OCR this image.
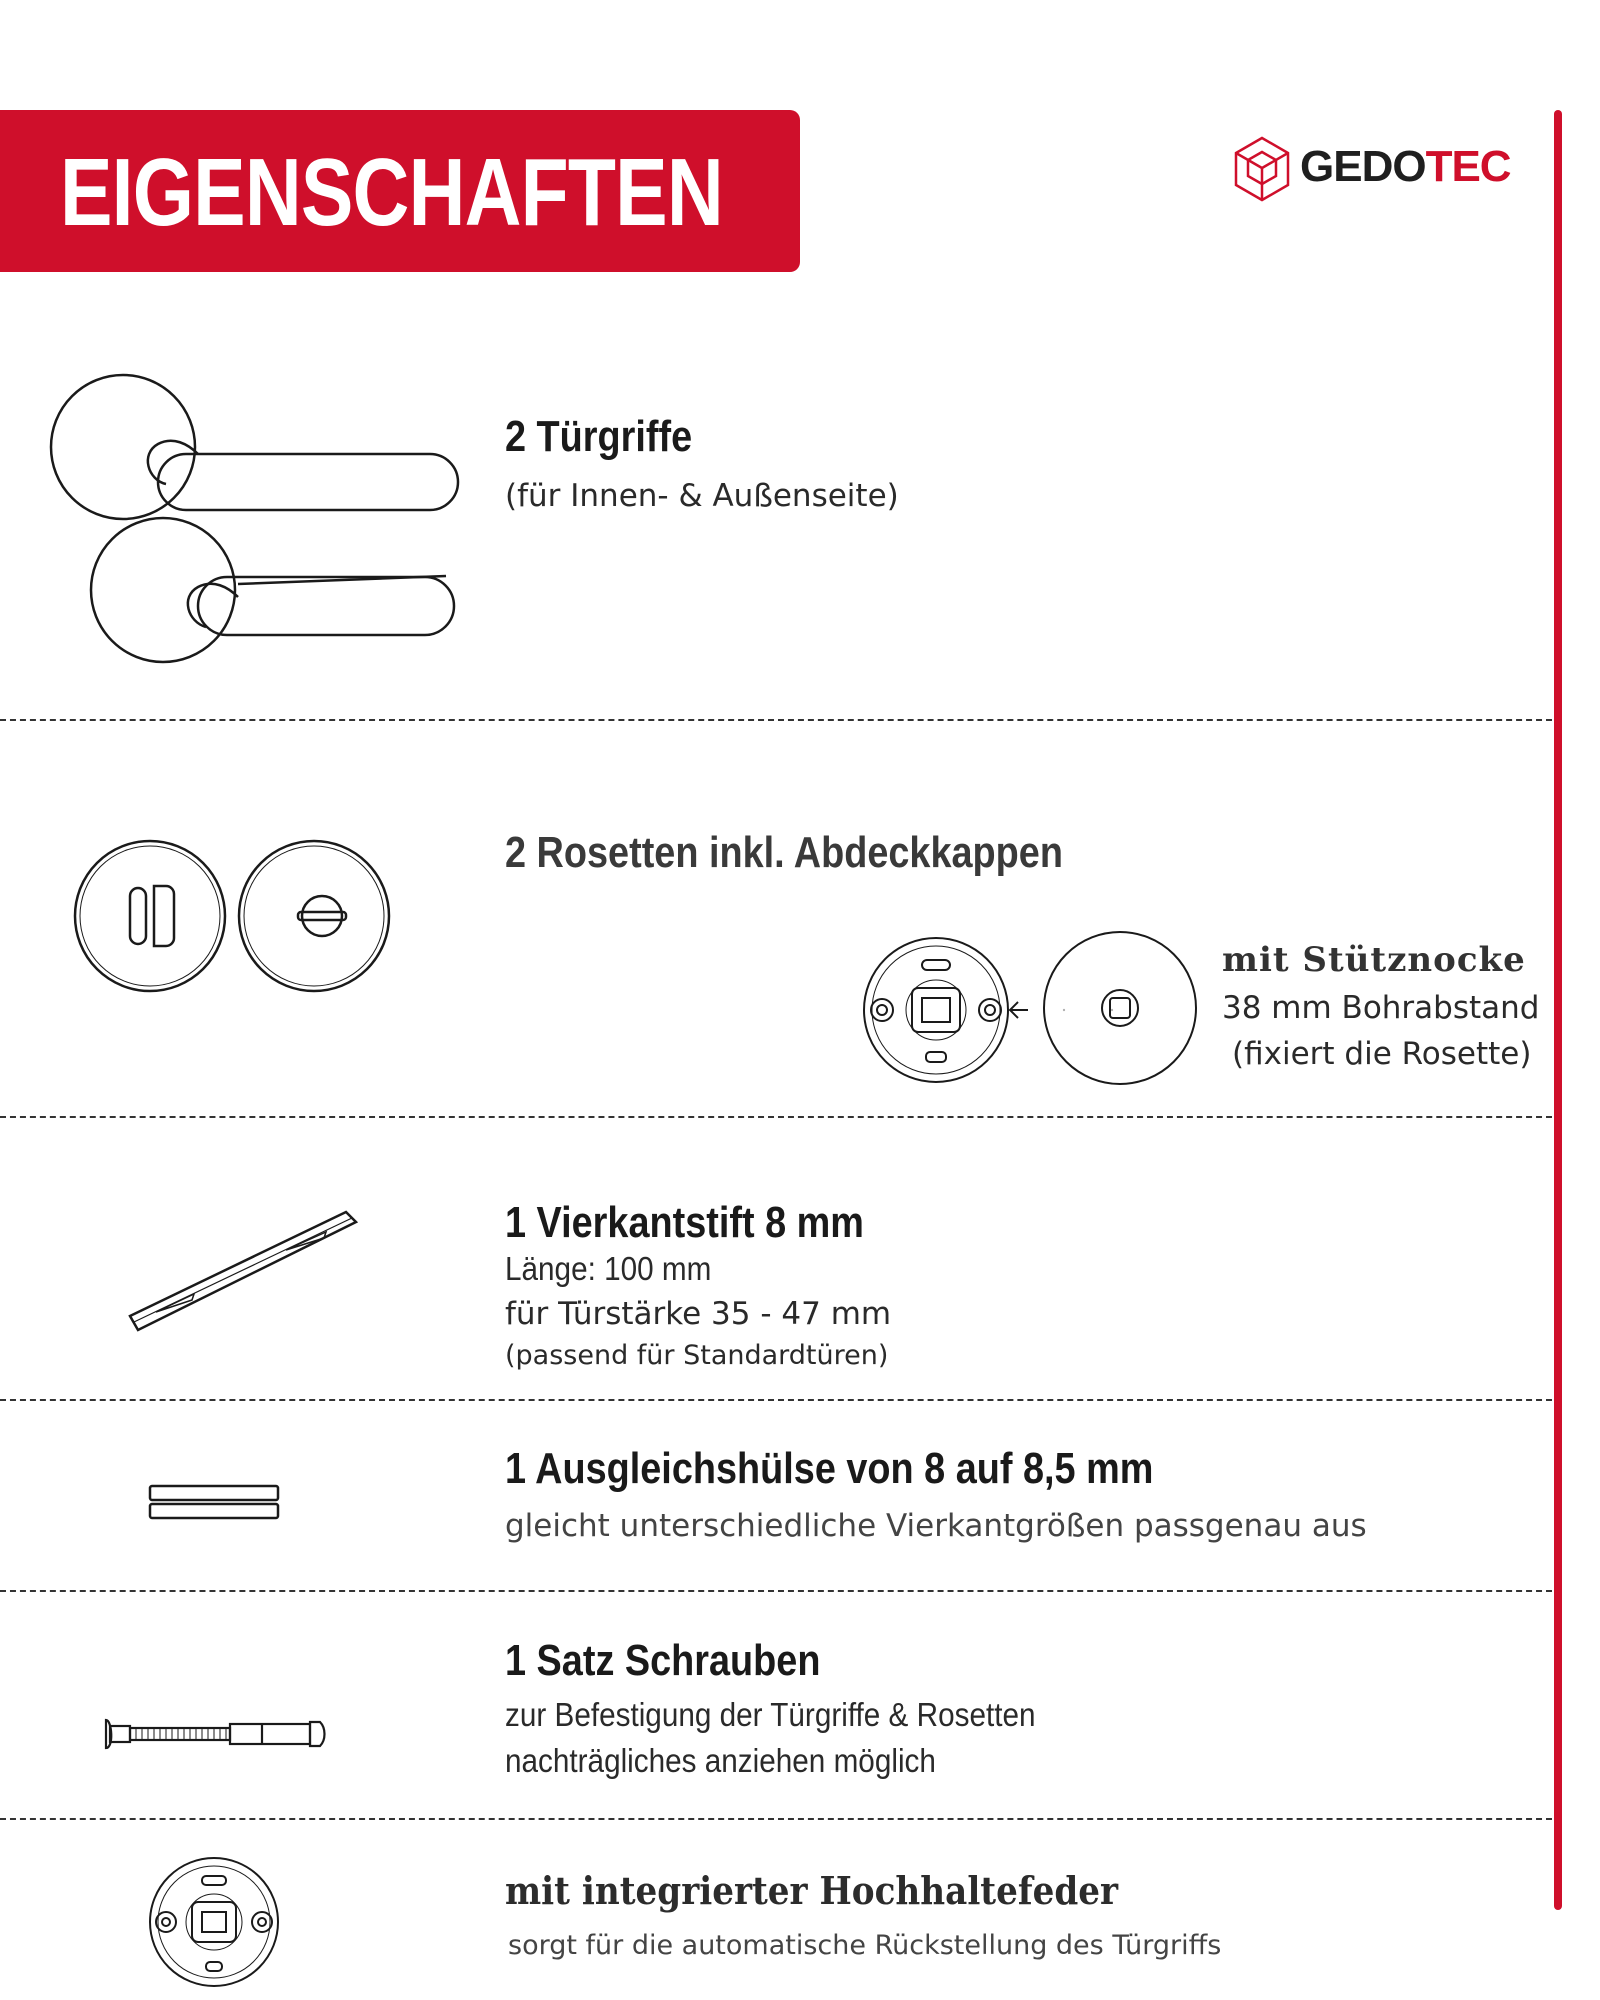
EIGENSCHAFTEN	GEDOTEC
2 Türgriffe
(für Innen- & Außenseite)
2 Rosetten inkl. Abdeckkappen
mit Stütznocke
38 mm Bohrabstand
(fixiert die Rosette)
1 Vierkantstift 8 mm
Länge: 100 mm
für Türstärke 35 - 47 mm
(passend für Standardtüren)
1 Ausgleichshülse von 8 auf 8,5 mm
gleicht unterschiedliche Vierkantgrößen passgenau aus
1 Satz Schrauben
zur Befestigung der Türgriffe & Rosetten
nachträgliches anziehen möglich
mit integrierter Hochhaltefeder
sorgt für die automatische Rückstellung des Türgriffs
